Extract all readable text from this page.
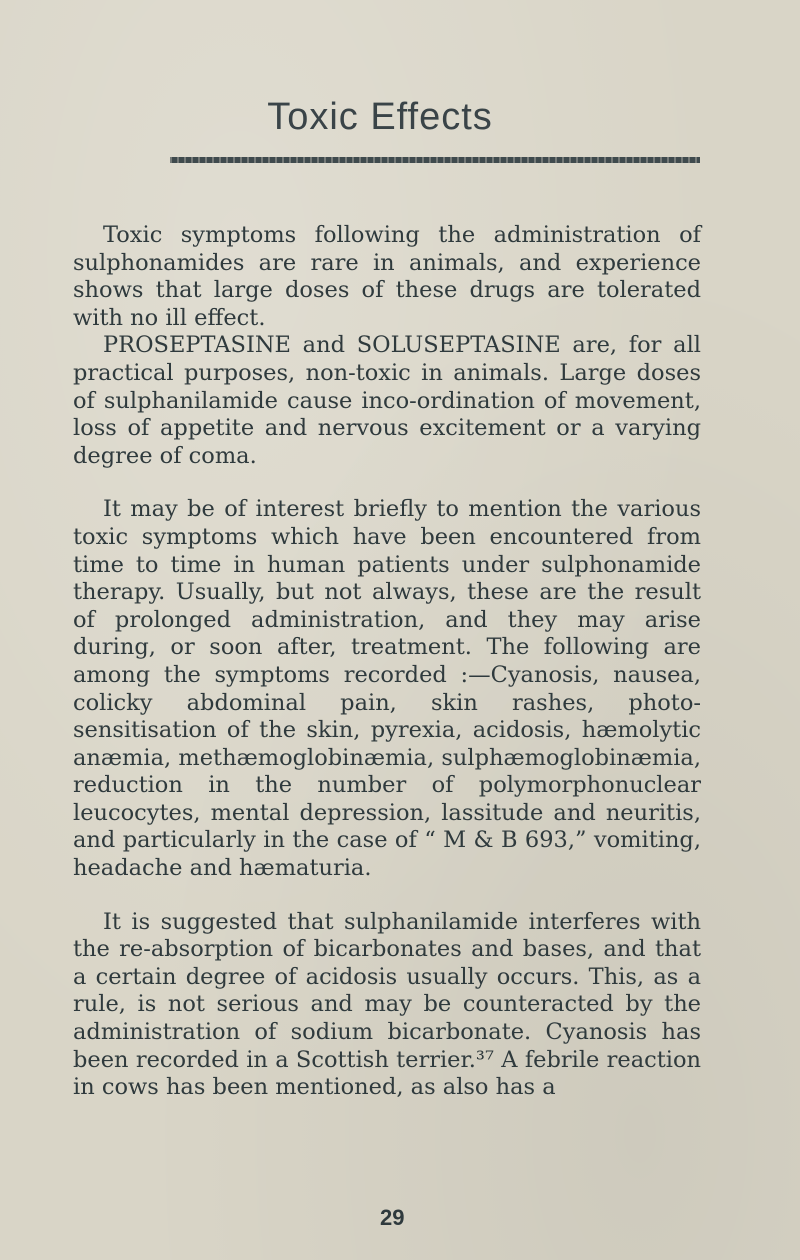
Toxic Effects

Toxic symptoms following the administration of sulphonamides are rare in animals, and experience shows that large doses of these drugs are tolerated with no ill effect.

PROSEPTASINE and SOLUSEPTASINE are, for all practical purposes, non-toxic in animals. Large doses of sulphanilamide cause inco-ordination of movement, loss of appetite and nervous excitement or a varying degree of coma.

It may be of interest briefly to mention the various toxic symptoms which have been encountered from time to time in human patients under sulphonamide therapy. Usually, but not always, these are the result of prolonged administration, and they may arise during, or soon after, treatment. The following are among the symptoms recorded :—Cyanosis, nausea, colicky abdominal pain, skin rashes, photo-sensitisation of the skin, pyrexia, acidosis, hæmolytic anæmia, methæmoglobinæmia, sulphæmoglobinæmia, reduction in the number of polymorphonuclear leucocytes, mental depression, lassitude and neuritis, and particularly in the case of “ M & B 693,” vomiting, headache and hæmaturia.

It is suggested that sulphanilamide interferes with the re-absorption of bicarbonates and bases, and that a certain degree of acidosis usually occurs. This, as a rule, is not serious and may be counteracted by the administration of sodium bicarbonate. Cyanosis has been recorded in a Scottish terrier.³⁷ A febrile reaction in cows has been mentioned, as also has a

29
